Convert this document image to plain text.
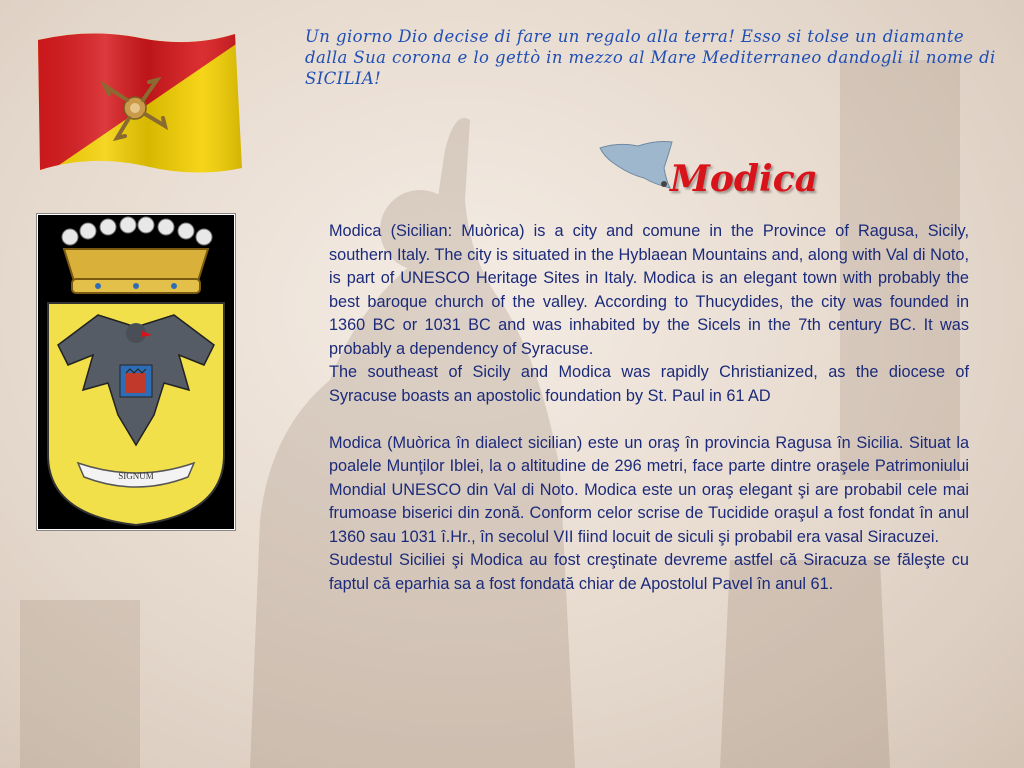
Un giorno Dio decise di fare un regalo alla terra! Esso si tolse un diamante dalla Sua corona e lo gettò in mezzo al Mare Mediterraneo dandogli il nome di SICILIA!
SIGNUM
Modica

Modica (Sicilian: Muòrica) is a city and comune in the Province of Ragusa, Sicily, southern Italy. The city is situated in the Hyblaean Mountains and, along with Val di Noto, is part of UNESCO Heritage Sites in Italy. Modica is an elegant town with probably the best baroque church of the valley. According to Thucydides, the city was founded in 1360 BC or 1031 BC and was inhabited by the Sicels in the 7th century BC. It was probably a dependency of Syracuse.

The southeast of Sicily and Modica was rapidly Christianized, as the diocese of Syracuse boasts an apostolic foundation by St. Paul in 61 AD

Modica (Muòrica în dialect sicilian) este un oraş în provincia Ragusa în Sicilia. Situat la poalele Munţilor Iblei, la o altitudine de 296 metri, face parte dintre oraşele Patrimoniului Mondial UNESCO din Val di Noto. Modica este un oraş elegant şi are probabil cele mai frumoase biserici din zonă. Conform celor scrise de Tucidide oraşul a fost fondat în anul 1360 sau 1031 î.Hr., în secolul VII fiind locuit de siculi şi probabil era vasal Siracuzei.

Sudestul Siciliei şi Modica au fost creştinate devreme astfel că Siracuza se făleşte cu faptul că eparhia sa a fost fondată chiar de Apostolul Pavel în anul 61.
